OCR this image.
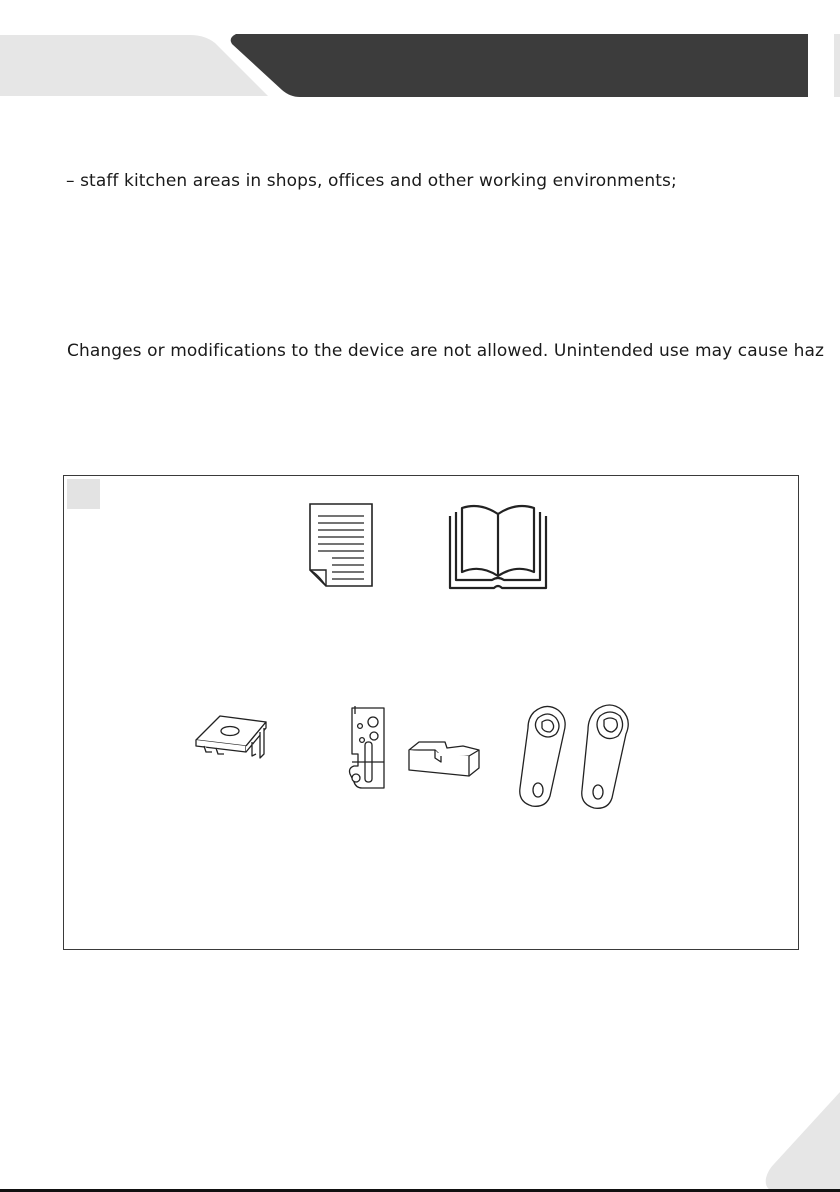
– staff kitchen areas in shops, offices and other working environments;
Changes or modifications to the device are not allowed. Unintended use may cause haz
